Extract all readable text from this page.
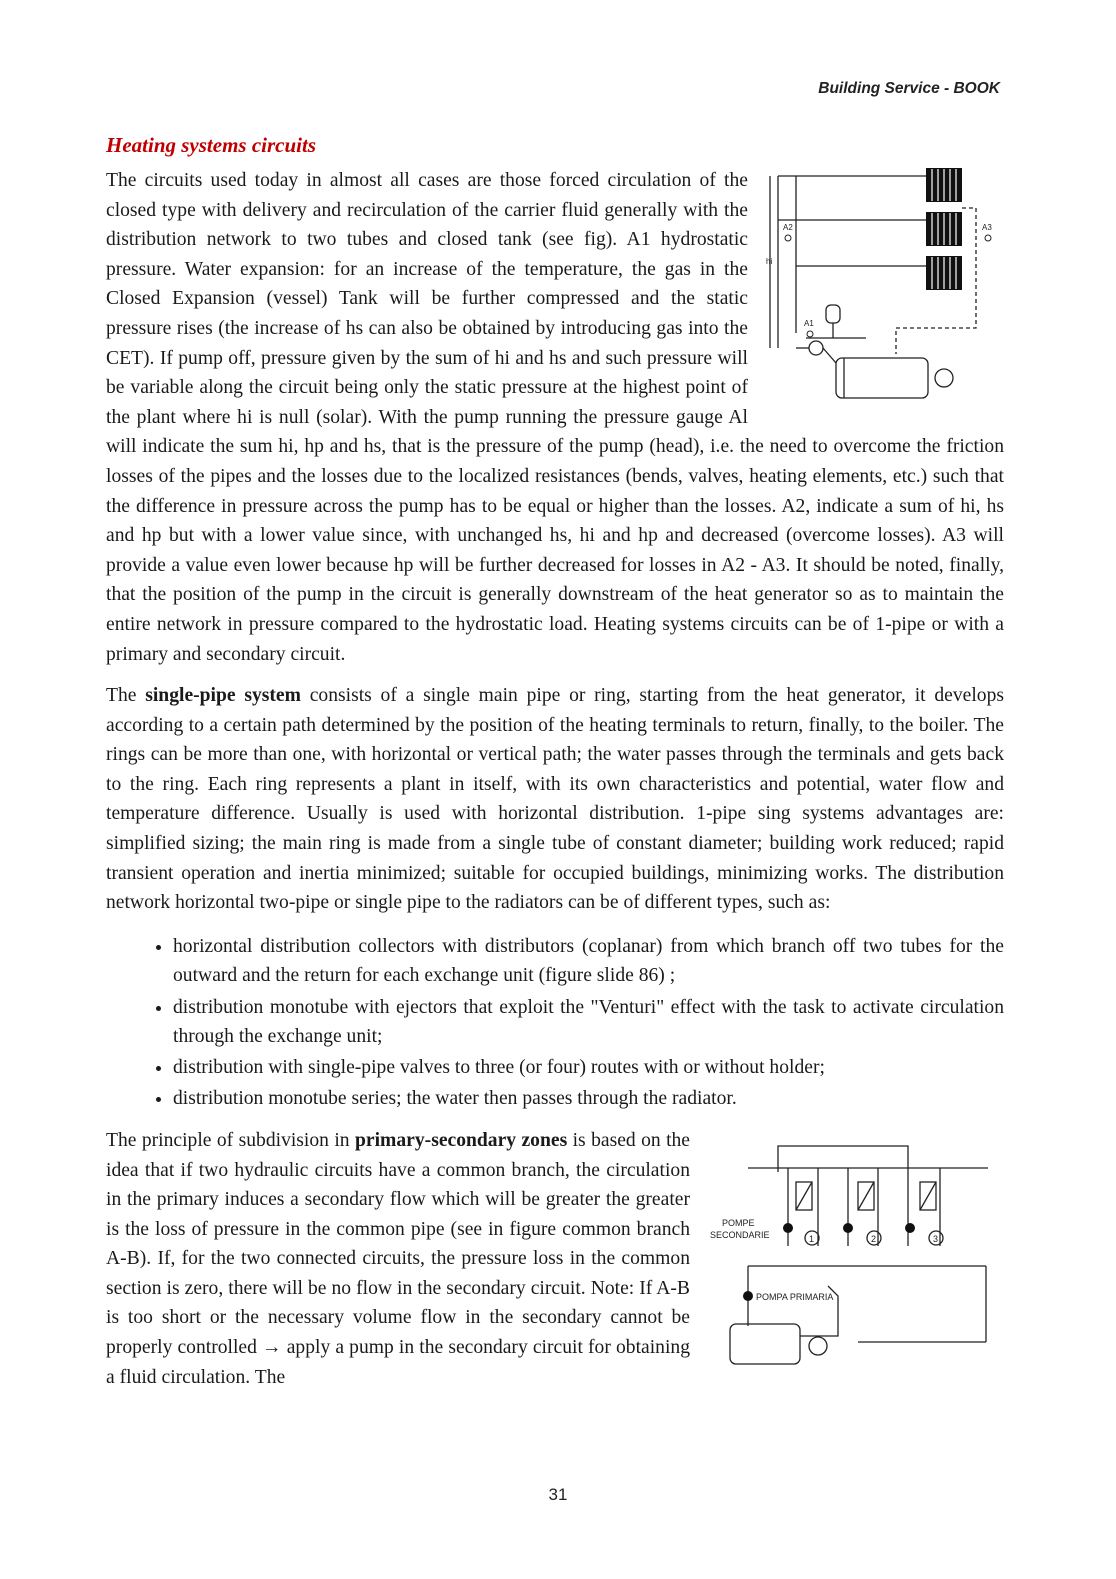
Building Service - BOOK
Heating systems circuits
A2	A3
A1
hi

The circuits used today in almost all cases are those forced circulation of the closed type with delivery and recirculation of the carrier fluid generally with the distribution network to two tubes and closed tank (see fig). A1 hydrostatic pressure. Water expansion: for an increase of the temperature, the gas in the Closed Expansion (vessel) Tank will be further compressed and the static pressure rises (the increase of hs can also be obtained by introducing gas into the CET). If pump off, pressure given by the sum of hi and hs and such pressure will be variable along the circuit being only the static pressure at the highest point of the plant where hi is null (solar). With the pump running the pressure gauge Al will indicate the sum hi, hp and hs, that is the pressure of the pump (head), i.e. the need to overcome the friction losses of the pipes and the losses due to the localized resistances (bends, valves, heating elements, etc.) such that the difference in pressure across the pump has to be equal or higher than the losses. A2, indicate a sum of hi, hs and hp but with a lower value since, with unchanged hs, hi and hp and decreased (overcome losses). A3 will provide a value even lower because hp will be further decreased for losses in A2 - A3. It should be noted, finally, that the position of the pump in the circuit is generally downstream of the heat generator so as to maintain the entire network in pressure compared to the hydrostatic load. Heating systems circuits can be of 1-pipe or with a primary and secondary circuit.

The single-pipe system consists of a single main pipe or ring, starting from the heat generator, it develops according to a certain path determined by the position of the heating terminals to return, finally, to the boiler. The rings can be more than one, with horizontal or vertical path; the water passes through the terminals and gets back to the ring. Each ring represents a plant in itself, with its own characteristics and potential, water flow and temperature difference. Usually is used with horizontal distribution. 1-pipe sing systems advantages are: simplified sizing; the main ring is made from a single tube of constant diameter; building work reduced; rapid transient operation and inertia minimized; suitable for occupied buildings, minimizing works. The distribution network horizontal two-pipe or single pipe to the radiators can be of different types, such as:

• horizontal distribution collectors with distributors (coplanar) from which branch off two tubes for the outward and the return for each exchange unit (figure slide 86) ;
• distribution monotube with ejectors that exploit the "Venturi" effect with the task to activate circulation through the exchange unit;
• distribution with single-pipe valves to three (or four) routes with or without holder;
• distribution monotube series; the water then passes through the radiator.

The principle of subdivision in primary-secondary zones
POMPE
SECONDARIE
POMPA PRIMARIA
1	2	3
is based on the idea that if two hydraulic circuits have a common branch, the circulation in the primary induces a secondary flow which will be greater the greater is the loss of pressure in the common pipe (see in figure common branch A-B). If, for the two connected circuits, the pressure loss in the common section is zero, there will be no flow in the secondary circuit. Note: If A-B is too short or the necessary volume flow in the secondary cannot be properly controlled → apply a pump in the secondary circuit for obtaining a fluid circulation. The

31
